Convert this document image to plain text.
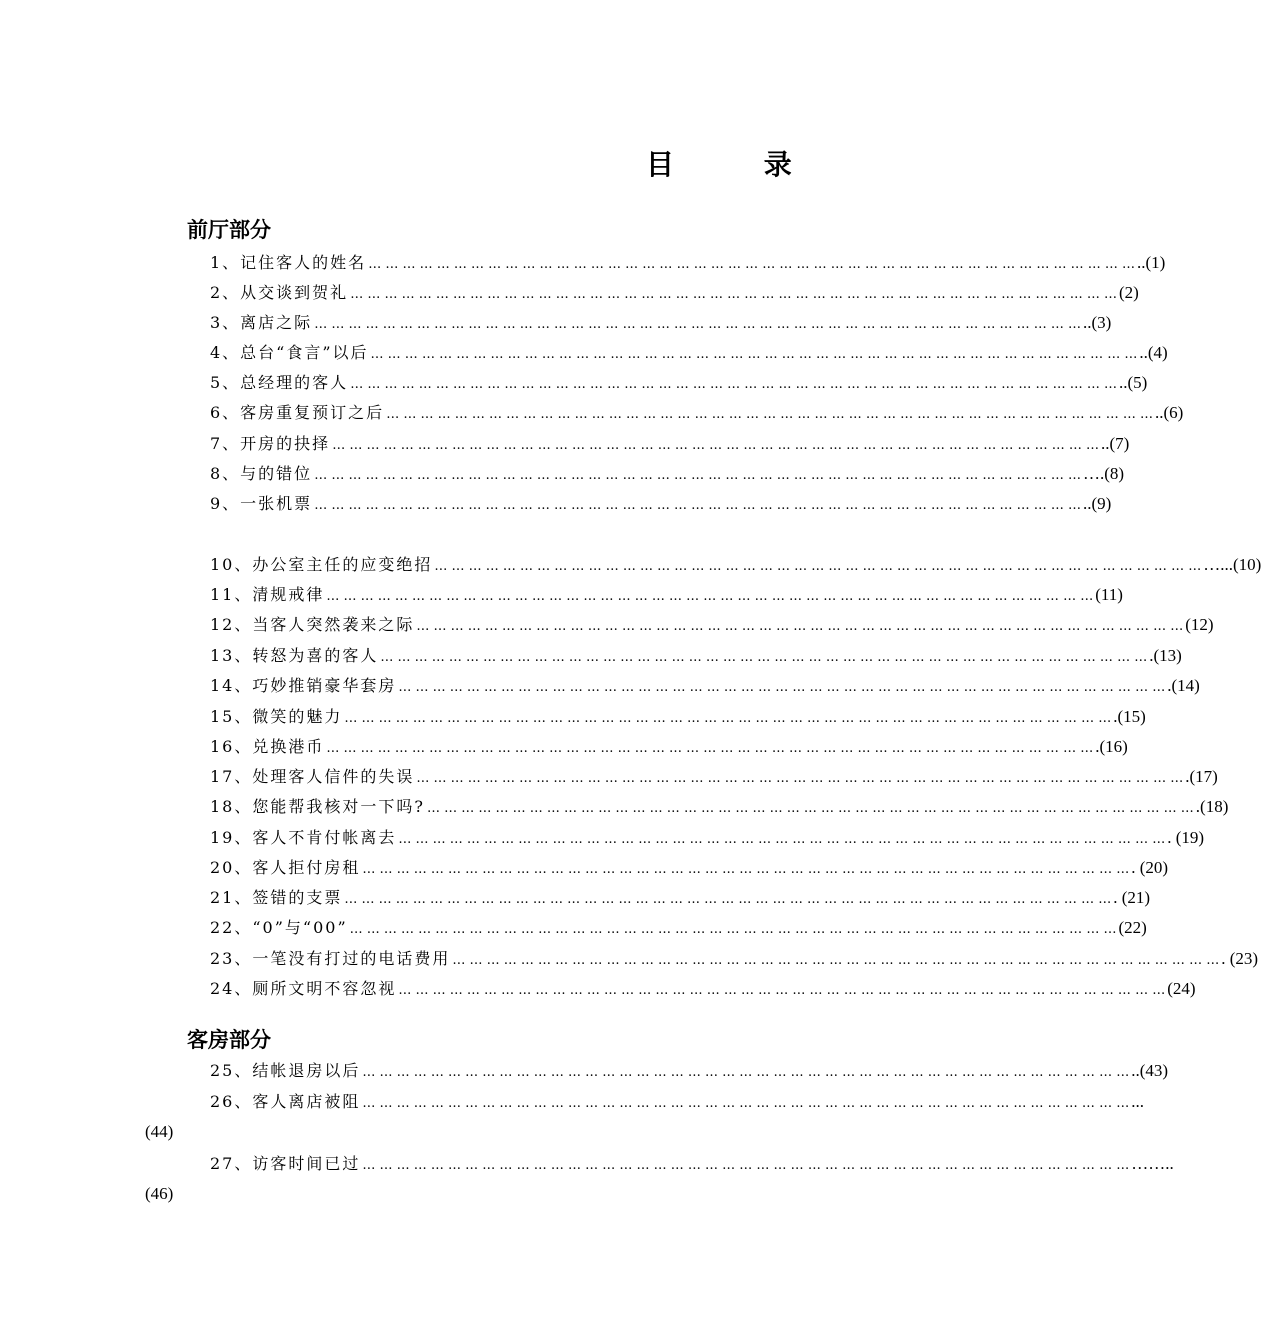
目 录
前厅部分
1、记住客人的姓名 … … … … … … … … … … … … … … … … … … … … … … … … … … … … … … … … … … … … … … … … … … … … … ..(1)
2、从交谈到贺礼 … … … … … … … … … … … … … … … … … … … … … … … … … … … … … … … … … … … … … … … … … … … … … (2)
3、离店之际 … … … … … … … … … … … … … … … … … … … … … … … … … … … … … … … … … … … … … … … … … … … … … ..(3)
4、总台“食言”以后 … … … … … … … … … … … … … … … … … … … … … … … … … … … … … … … … … … … … … … … … … … … … … ..(4)
5、总经理的客人 … … … … … … … … … … … … … … … … … … … … … … … … … … … … … … … … … … … … … … … … … … … … … ..(5)
6、客房重复预订之后 … … … … … … … … … … … … … … … … … … … … … … … … … … … … … … … … … … … … … … … … … … … … … ..(6)
7、开房的抉择 … … … … … … … … … … … … … … … … … … … … … … … … … … … … … … … … … … … … … … … … … … … … … ..(7)
8、与的错位 … … … … … … … … … … … … … … … … … … … … … … … … … … … … … … … … … … … … … … … … … … … … … ….(8)
9、一张机票 … … … … … … … … … … … … … … … … … … … … … … … … … … … … … … … … … … … … … … … … … … … … … ..(9)
10、办公室主任的应变绝招 … … … … … … … … … … … … … … … … … … … … … … … … … … … … … … … … … … … … … … … … … … … … … …...(10)
11、清规戒律 … … … … … … … … … … … … … … … … … … … … … … … … … … … … … … … … … … … … … … … … … … … … … (11)
12、当客人突然袭来之际 … … … … … … … … … … … … … … … … … … … … … … … … … … … … … … … … … … … … … … … … … … … … … (12)
13、转怒为喜的客人 … … … … … … … … … … … … … … … … … … … … … … … … … … … … … … … … … … … … … … … … … … … … … .(13)
14、巧妙推销豪华套房 … … … … … … … … … … … … … … … … … … … … … … … … … … … … … … … … … … … … … … … … … … … … … .(14)
15、微笑的魅力 … … … … … … … … … … … … … … … … … … … … … … … … … … … … … … … … … … … … … … … … … … … … … .(15)
16、兑换港币 … … … … … … … … … … … … … … … … … … … … … … … … … … … … … … … … … … … … … … … … … … … … … .(16)
17、处理客人信件的失误 … … … … … … … … … … … … … … … … … … … … … … … … … … … … … … … … … … … … … … … … … … … … … .(17)
18、您能帮我核对一下吗? … … … … … … … … … … … … … … … … … … … … … … … … … … … … … … … … … … … … … … … … … … … … … .(18)
19、客人不肯付帐离去 … … … … … … … … … … … … … … … … … … … … … … … … … … … … … … … … … … … … … … … … … … … … … . (19)
20、客人拒付房租 … … … … … … … … … … … … … … … … … … … … … … … … … … … … … … … … … … … … … … … … … … … … … . (20)
21、签错的支票 … … … … … … … … … … … … … … … … … … … … … … … … … … … … … … … … … … … … … … … … … … … … … . (21)
22、“0”与“00” … … … … … … … … … … … … … … … … … … … … … … … … … … … … … … … … … … … … … … … … … … … … … (22)
23、一笔没有打过的电话费用 … … … … … … … … … … … … … … … … … … … … … … … … … … … … … … … … … … … … … … … … … … … … … . (23)
24、厕所文明不容忽视 … … … … … … … … … … … … … … … … … … … … … … … … … … … … … … … … … … … … … … … … … … … … … (24)
客房部分
25、结帐退房以后 … … … … … … … … … … … … … … … … … … … … … … … … … … … … … … … … … … … … … … … … … … … … … ..(43)
26、客人离店被阻 … … … … … … … … … … … … … … … … … … … … … … … … … … … … … … … … … … … … … … … … … … … … … ...
(44)
27、访客时间已过 … … … … … … … … … … … … … … … … … … … … … … … … … … … … … … … … … … … … … … … … … … … … … ……..
(46)
